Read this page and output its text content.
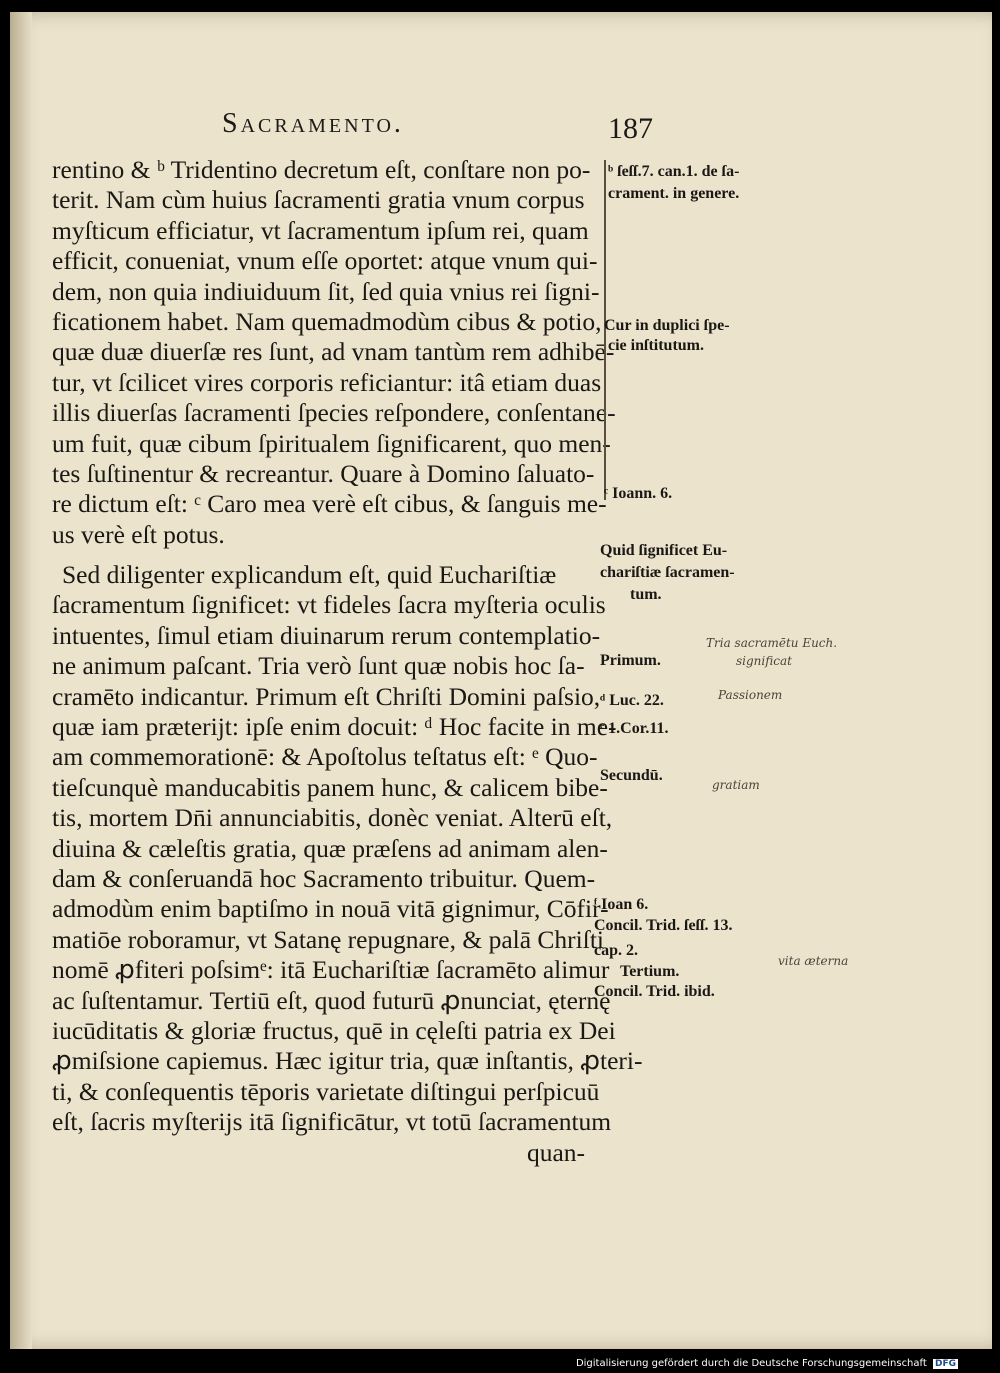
Sacramento.	187
rentino & ᵇ Tridentino decretum eſt, conſtare non po-
terit. Nam cùm huius ſacramenti gratia vnum corpus
myſticum efficiatur, vt ſacramentum ipſum rei, quam
efficit, conueniat, vnum eſſe oportet: atque vnum qui-
dem, non quia indiuiduum ſit, ſed quia vnius rei ſigni-
ficationem habet. Nam quemadmodùm cibus & potio,
quæ duæ diuerſæ res ſunt, ad vnam tantùm rem adhibē-
tur, vt ſcilicet vires corporis reficiantur: itâ etiam duas
illis diuerſas ſacramenti ſpecies reſpondere, conſentane-
um fuit, quæ cibum ſpiritualem ſignificarent, quo men-
tes ſuſtinentur & recreantur. Quare à Domino ſaluato-
re dictum eſt: ᶜ Caro mea verè eſt cibus, & ſanguis me-
us verè eſt potus.
Sed diligenter explicandum eſt, quid Euchariſtiæ
ſacramentum ſignificet: vt fideles ſacra myſteria oculis
intuentes, ſimul etiam diuinarum rerum contemplatio-
ne animum paſcant. Tria verò ſunt quæ nobis hoc ſa-
cramēto indicantur. Primum eſt Chriſti Domini paſsio,
quæ iam præterijt: ipſe enim docuit: ᵈ Hoc facite in me-
am commemorationē: & Apoſtolus teſtatus eſt: ᵉ Quo-
tieſcunquè manducabitis panem hunc, & calicem bibe-
tis, mortem Dn̄i annunciabitis, donèc veniat. Alterū eſt,
diuina & cæleſtis gratia, quæ præſens ad animam alen-
dam & conſeruandā hoc Sacramento tribuitur. Quem-
admodùm enim baptiſmo in nouā vitā gignimur, Cōfir-
matiōe roboramur, vt Satanę repugnare, & palā Chriſti
nomē ꝓfiteri poſsimᵉ: itā Euchariſtiæ ſacramēto alimur
ac ſuſtentamur. Tertiū eſt, quod futurū ꝓnunciat, ęternę
iucūditatis & gloriæ fructus, quē in cęleſti patria ex Dei
ꝓmiſsione capiemus. Hæc igitur tria, quæ inſtantis, ꝓteri-
ti, & conſequentis tēporis varietate diſtingui perſpicuū
eſt, ſacris myſterijs itā ſignificātur, vt totū ſacramentum
quan-
ᵇ ſeſſ.7. can.1. de ſa-
crament. in genere.
Cur in duplici ſpe-
cie inſtitutum.
ᶜ Ioann. 6.
Quid ſignificet Eu-
chariſtiæ ſacramen-
tum.
Primum.
ᵈ Luc. 22.
ᵉ 1.Cor.11.
Secundū.
ᶠ Ioan 6.
Concil. Trid. ſeſſ. 13.
cap. 2.
Tertium.
Concil. Trid. ibid.
Tria sacramētu Euch.
significat
Passionem
gratiam
vita æterna
Digitalisierung gefördert durch die Deutsche Forschungsgemeinschaft DFG
